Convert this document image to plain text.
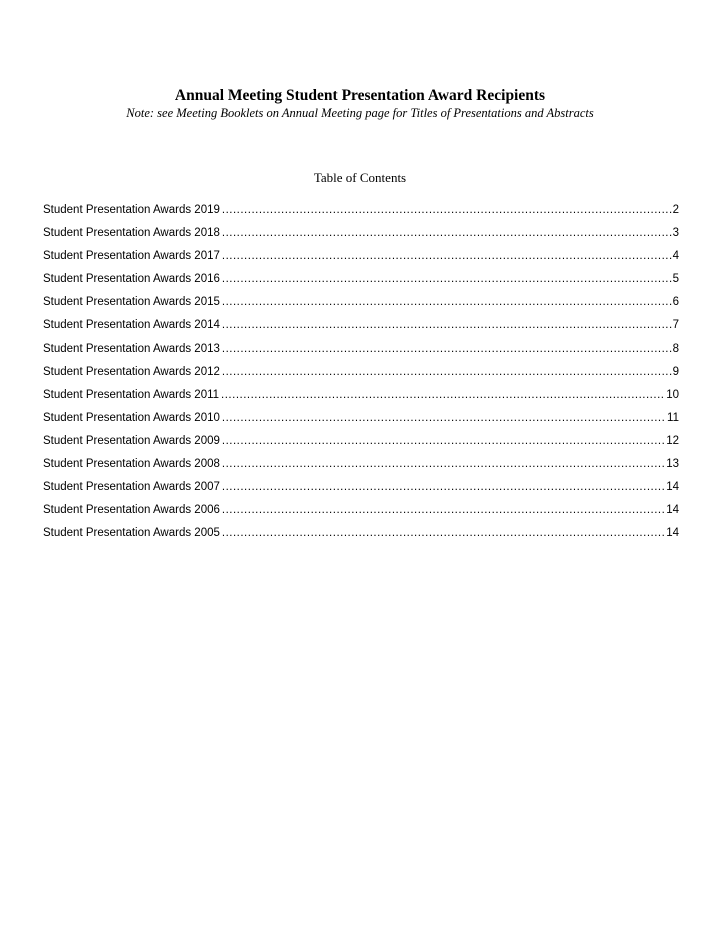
Annual Meeting Student Presentation Award Recipients

Note: see Meeting Booklets on Annual Meeting page for Titles of Presentations and Abstracts

Table of Contents

Student Presentation Awards 2019 .....	2
Student Presentation Awards 2018 .....	3
Student Presentation Awards 2017 .....	4
Student Presentation Awards 2016 .....	5
Student Presentation Awards 2015 .....	6
Student Presentation Awards 2014 .....	7
Student Presentation Awards 2013 .....	8
Student Presentation Awards 2012 .....	9
Student Presentation Awards 2011 .....	10
Student Presentation Awards 2010 .....	11
Student Presentation Awards 2009 .....	12
Student Presentation Awards 2008 .....	13
Student Presentation Awards 2007 .....	14
Student Presentation Awards 2006 .....	14
Student Presentation Awards 2005 .....	14
